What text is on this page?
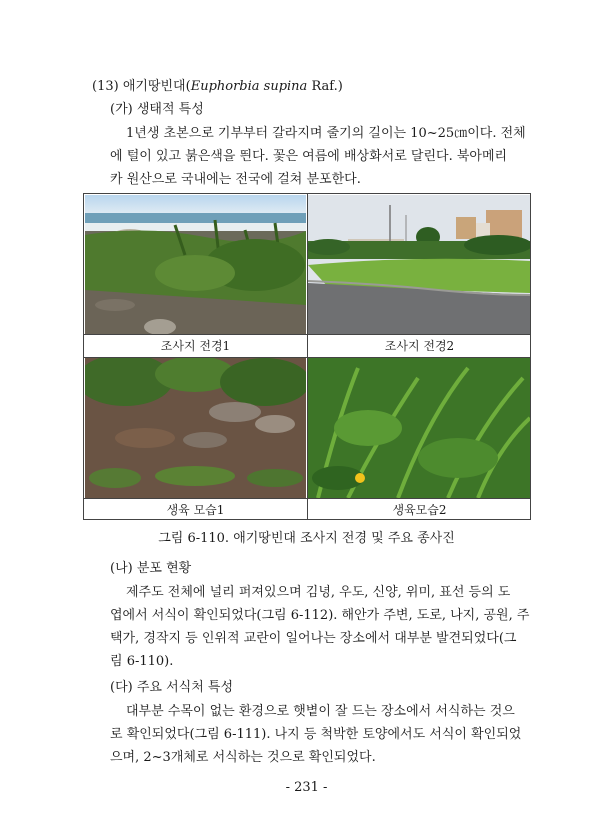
(13) 애기땅빈대(Euphorbia supina Raf.)
(가) 생태적 특성
1년생 초본으로 기부부터 갈라지며 줄기의 길이는 10~25㎝이다. 전체
에 털이 있고 붉은색을 띈다. 꽃은 여름에 배상화서로 달린다. 북아메리
카 원산으로 국내에는 전국에 걸쳐 분포한다.
조사지 전경1	조사지 전경2
생육 모습1	생육모습2
그림 6-110. 애기땅빈대 조사지 전경 및 주요 종사진
(나) 분포 현황
제주도 전체에 널리 퍼져있으며 김녕, 우도, 신양, 위미, 표선 등의 도
엽에서 서식이 확인되었다(그림 6-112). 해안가 주변, 도로, 나지, 공원, 주
택가, 경작지 등 인위적 교란이 일어나는 장소에서 대부분 발견되었다(그
림 6-110).
(다) 주요 서식처 특성
대부분 수목이 없는 환경으로 햇볕이 잘 드는 장소에서 서식하는 것으
로 확인되었다(그림 6-111). 나지 등 척박한 토양에서도 서식이 확인되었
으며, 2~3개체로 서식하는 것으로 확인되었다.
- 231 -
